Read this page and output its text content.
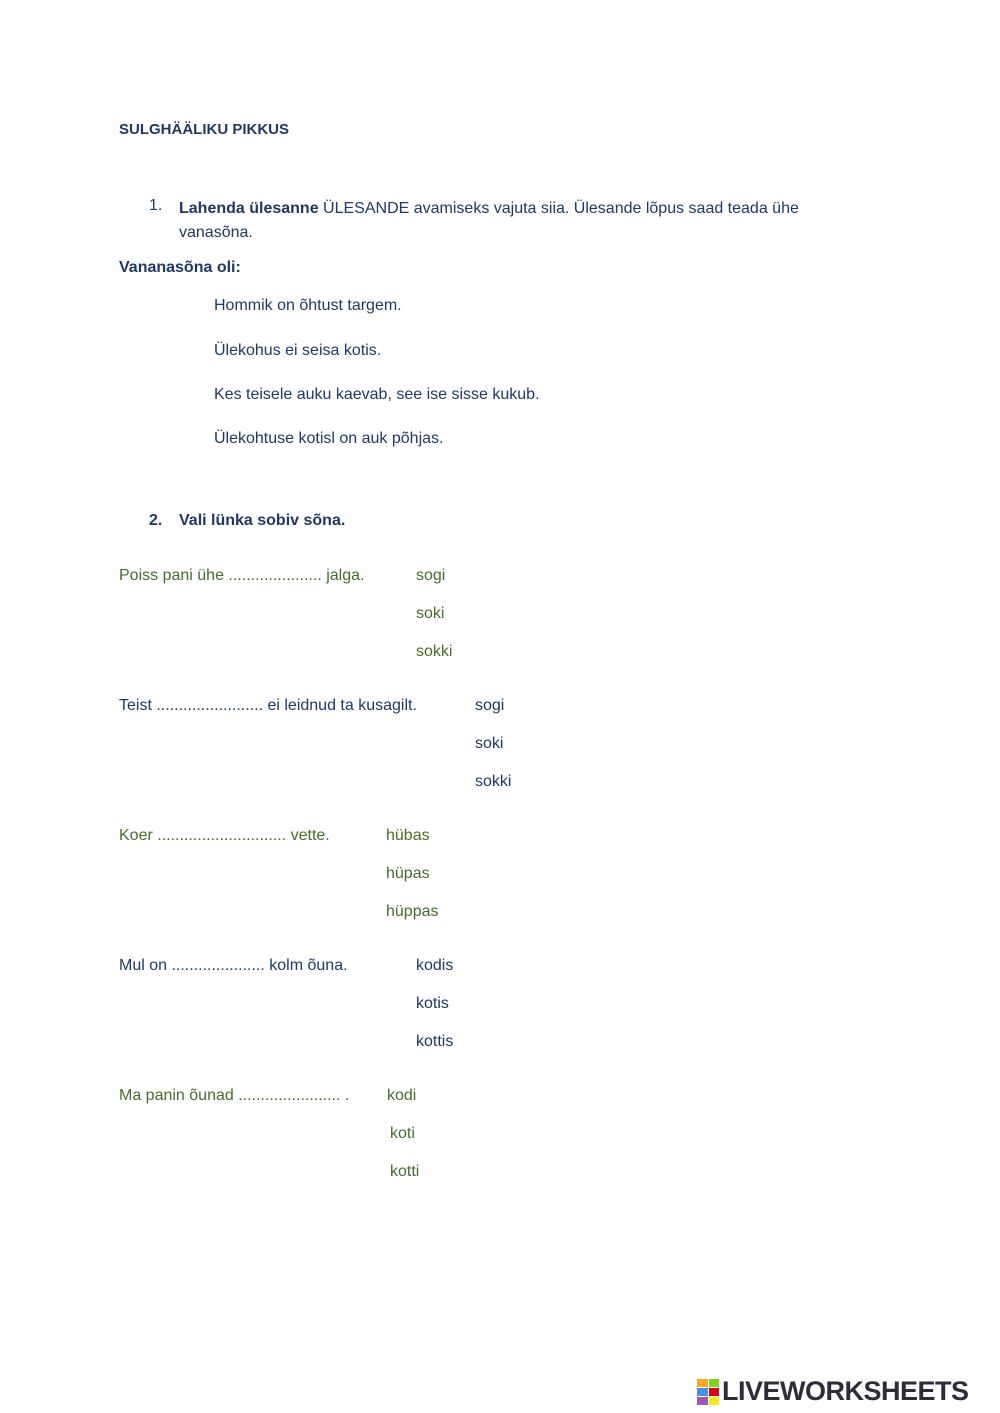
SULGHÄÄLIKU PIKKUS
1. Lahenda ülesanne ÜLESANDE avamiseks vajuta siia. Ülesande lõpus saad teada ühe vanasõna.
Vananasõna oli:
Hommik on õhtust targem.
Ülekohus ei seisa kotis.
Kes teisele auku kaevab, see ise sisse kukub.
Ülekohtuse kotisl on auk põhjas.
2. Vali lünka sobiv sõna.
Poiss pani ühe ..................... jalga.	sogi
soki
sokki
Teist ........................ ei leidnud ta kusagilt.	sogi
soki
sokki
Koer ............................. vette.	hübas
hüpas
hüppas
Mul on ..................... kolm õuna.	kodis
kotis
kottis
Ma panin õunad ....................... . kodi
koti
kotti
LIVEWORKSHEETS
